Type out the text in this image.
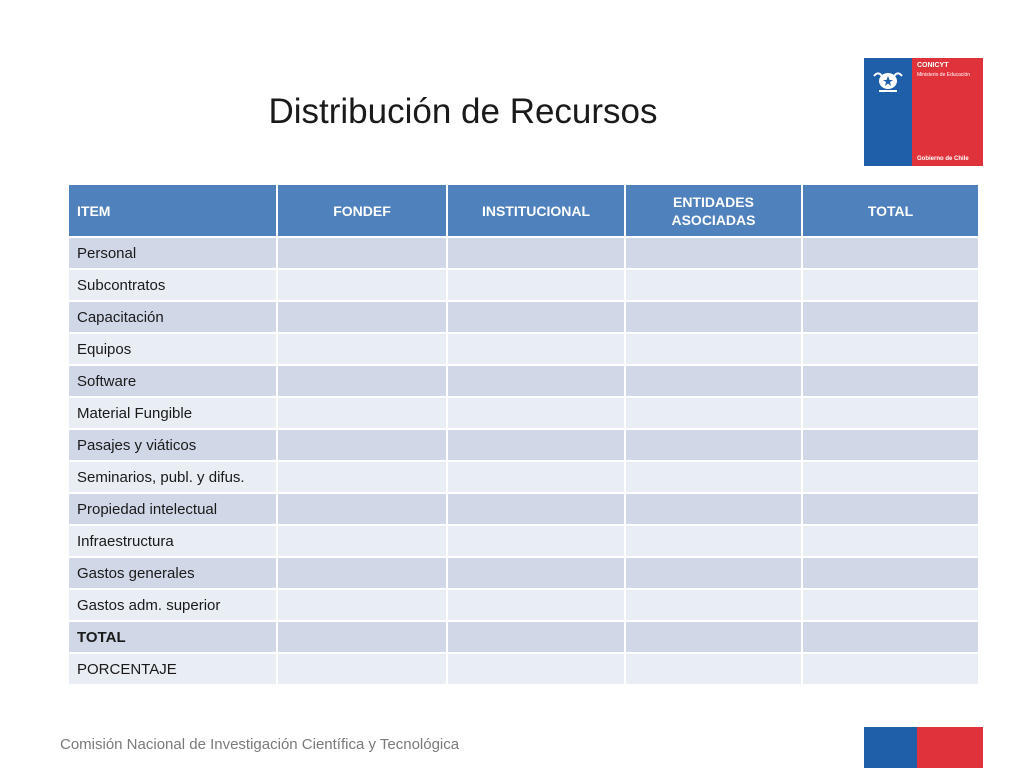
Distribución de Recursos
CONICYT
Ministerio de Educación
Gobierno de Chile
ITEM	FONDEF	INSTITUCIONAL	ENTIDADES ASOCIADAS	TOTAL
Personal				
Subcontratos				
Capacitación				
Equipos				
Software				
Material Fungible				
Pasajes y viáticos				
Seminarios, publ. y difus.				
Propiedad intelectual				
Infraestructura				
Gastos generales				
Gastos adm. superior				
TOTAL				
PORCENTAJE				
Comisión Nacional de Investigación Científica y Tecnológica
